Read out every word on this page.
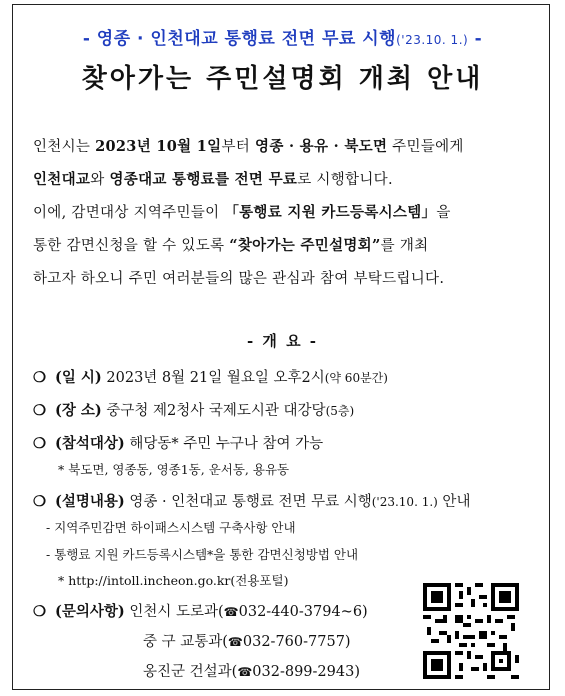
- 영종 · 인천대교 통행료 전면 무료 시행('23.10. 1.) -
찾아가는 주민설명회 개최 안내
인천시는 2023년 10월 1일부터 영종 · 용유 · 북도면 주민들에게
인천대교와 영종대교 통행료를 전면 무료로 시행합니다.
이에, 감면대상 지역주민들이 「통행료 지원 카드등록시스템」을
통한 감면신청을 할 수 있도록 “찾아가는 주민설명회”를 개최
하고자 하오니 주민 여러분들의 많은 관심과 참여 부탁드립니다.
- 개 요 -
❍ (일 시) 2023년 8월 21일 월요일 오후2시(약 60분간)
❍ (장 소) 중구청 제2청사 국제도시관 대강당(5층)
❍ (참석대상) 해당동* 주민 누구나 참여 가능
* 북도면, 영종동, 영종1동, 운서동, 용유동
❍ (설명내용) 영종 · 인천대교 통행료 전면 무료 시행('23.10. 1.) 안내
- 지역주민감면 하이패스시스템 구축사항 안내
- 통행료 지원 카드등록시스템*을 통한 감면신청방법 안내
* http://intoll.incheon.go.kr(전용포털)
❍ (문의사항) 인천시 도로과(☎032-440-3794~6)
중 구 교통과(☎032-760-7757)
옹진군 건설과(☎032-899-2943)
